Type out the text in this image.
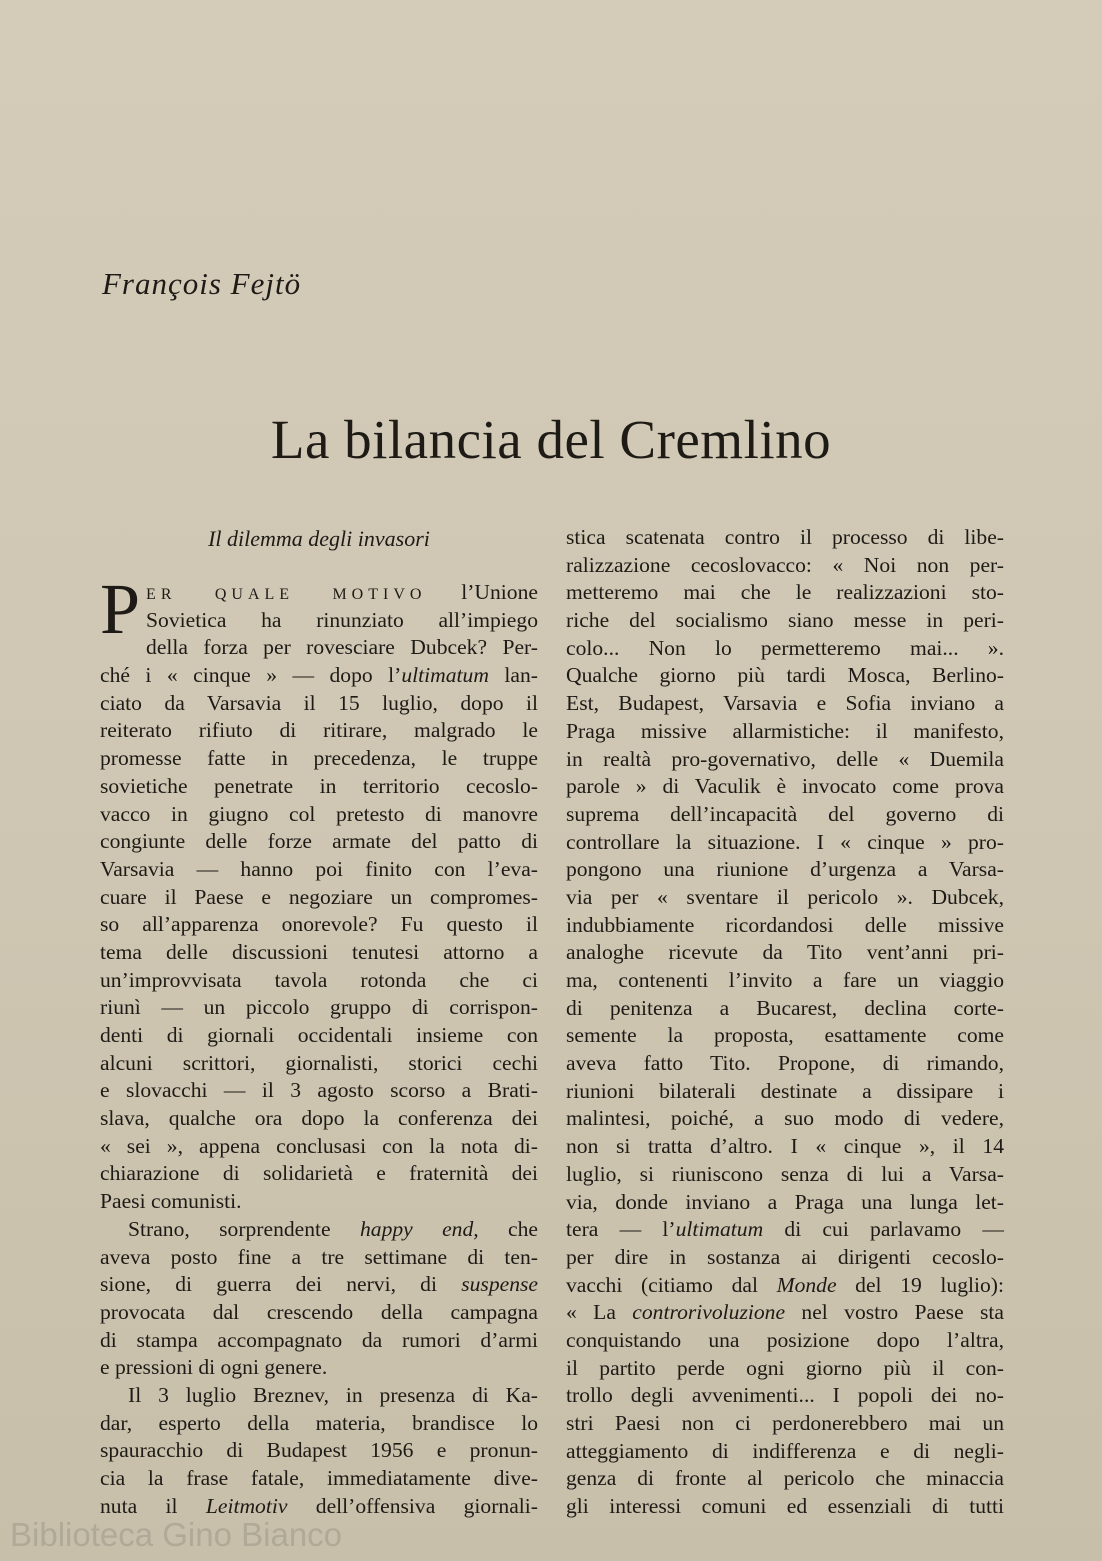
François Fejtö
La bilancia del Cremlino

Il dilemma degli invasori

P ER QUALE MOTIVO l’Unione
Sovietica ha rinunziato all’impiego
della forza per rovesciare Dubcek? Per-
ché i « cinque » — dopo l’ultimatum lan-
ciato da Varsavia il 15 luglio, dopo il
reiterato rifiuto di ritirare, malgrado le
promesse fatte in precedenza, le truppe
sovietiche penetrate in territorio cecoslo-
vacco in giugno col pretesto di manovre
congiunte delle forze armate del patto di
Varsavia — hanno poi finito con l’eva-
cuare il Paese e negoziare un compromes-
so all’apparenza onorevole? Fu questo il
tema delle discussioni tenutesi attorno a
un’improvvisata tavola rotonda che ci
riunì — un piccolo gruppo di corrispon-
denti di giornali occidentali insieme con
alcuni scrittori, giornalisti, storici cechi
e slovacchi — il 3 agosto scorso a Brati-
slava, qualche ora dopo la conferenza dei
« sei », appena conclusasi con la nota di-
chiarazione di solidarietà e fraternità dei
Paesi comunisti.
Strano, sorprendente happy end, che
aveva posto fine a tre settimane di ten-
sione, di guerra dei nervi, di suspense
provocata dal crescendo della campagna
di stampa accompagnato da rumori d’armi
e pressioni di ogni genere.
Il 3 luglio Breznev, in presenza di Ka-
dar, esperto della materia, brandisce lo
spauracchio di Budapest 1956 e pronun-
cia la frase fatale, immediatamente dive-
nuta il Leitmotiv dell’offensiva giornali-
stica scatenata contro il processo di libe-
ralizzazione cecoslovacco: « Noi non per-
metteremo mai che le realizzazioni sto-
riche del socialismo siano messe in peri-
colo... Non lo permetteremo mai... ».
Qualche giorno più tardi Mosca, Berlino-
Est, Budapest, Varsavia e Sofia inviano a
Praga missive allarmistiche: il manifesto,
in realtà pro-governativo, delle « Duemila
parole » di Vaculik è invocato come prova
suprema dell’incapacità del governo di
controllare la situazione. I « cinque » pro-
pongono una riunione d’urgenza a Varsa-
via per « sventare il pericolo ». Dubcek,
indubbiamente ricordandosi delle missive
analoghe ricevute da Tito vent’anni pri-
ma, contenenti l’invito a fare un viaggio
di penitenza a Bucarest, declina corte-
semente la proposta, esattamente come
aveva fatto Tito. Propone, di rimando,
riunioni bilaterali destinate a dissipare i
malintesi, poiché, a suo modo di vedere,
non si tratta d’altro. I « cinque », il 14
luglio, si riuniscono senza di lui a Varsa-
via, donde inviano a Praga una lunga let-
tera — l’ultimatum di cui parlavamo —
per dire in sostanza ai dirigenti cecoslo-
vacchi (citiamo dal Monde del 19 luglio):
« La controrivoluzione nel vostro Paese sta
conquistando una posizione dopo l’altra,
il partito perde ogni giorno più il con-
trollo degli avvenimenti... I popoli dei no-
stri Paesi non ci perdonerebbero mai un
atteggiamento di indifferenza e di negli-
genza di fronte al pericolo che minaccia
gli interessi comuni ed essenziali di tutti

Biblioteca Gino Bianco
